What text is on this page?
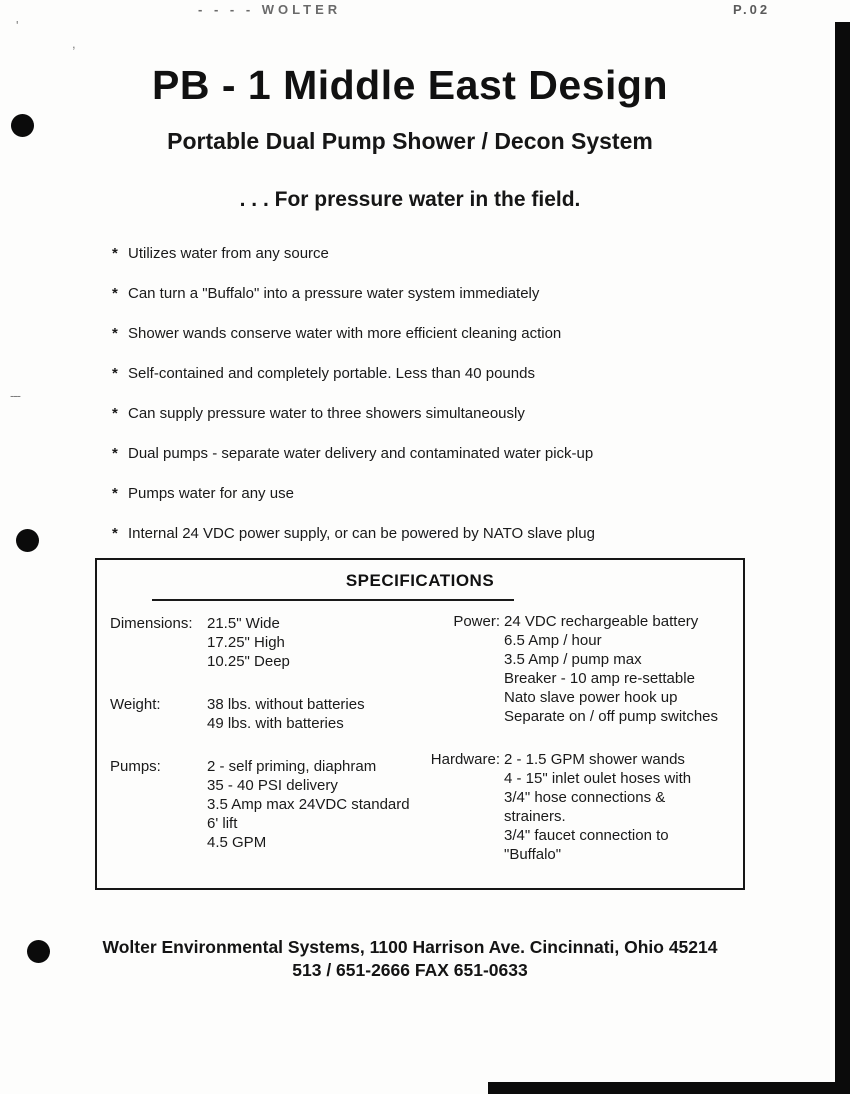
- - - - WOLTER	P.02
'
,
---
PB - 1 Middle East Design
Portable Dual Pump Shower / Decon System
. . . For pressure water in the field.
* Utilizes water from any source
* Can turn a "Buffalo" into a pressure water system immediately
* Shower wands conserve water with more efficient cleaning action
* Self-contained and completely portable. Less than 40 pounds
* Can supply pressure water to three showers simultaneously
* Dual pumps - separate water delivery and contaminated water pick-up
* Pumps water for any use
* Internal 24 VDC power supply, or can be powered by NATO slave plug
SPECIFICATIONS
Dimensions: 21.5" Wide
17.25" High
10.25" Deep
Weight:	38 lbs. without batteries
49 lbs. with batteries
Pumps:	2 - self priming, diaphram
35 - 40 PSI delivery
3.5 Amp max 24VDC standard
6' lift
4.5 GPM
Power: 24 VDC rechargeable battery
6.5 Amp / hour
3.5 Amp / pump max
Breaker - 10 amp re-settable
Nato slave power hook up
Separate on / off pump switches
Hardware: 2 - 1.5 GPM shower wands
4 - 15" inlet oulet hoses with
3/4" hose connections &
strainers.
3/4" faucet connection to
"Buffalo"
Wolter Environmental Systems, 1100 Harrison Ave. Cincinnati, Ohio 45214
513 / 651-2666 FAX 651-0633
